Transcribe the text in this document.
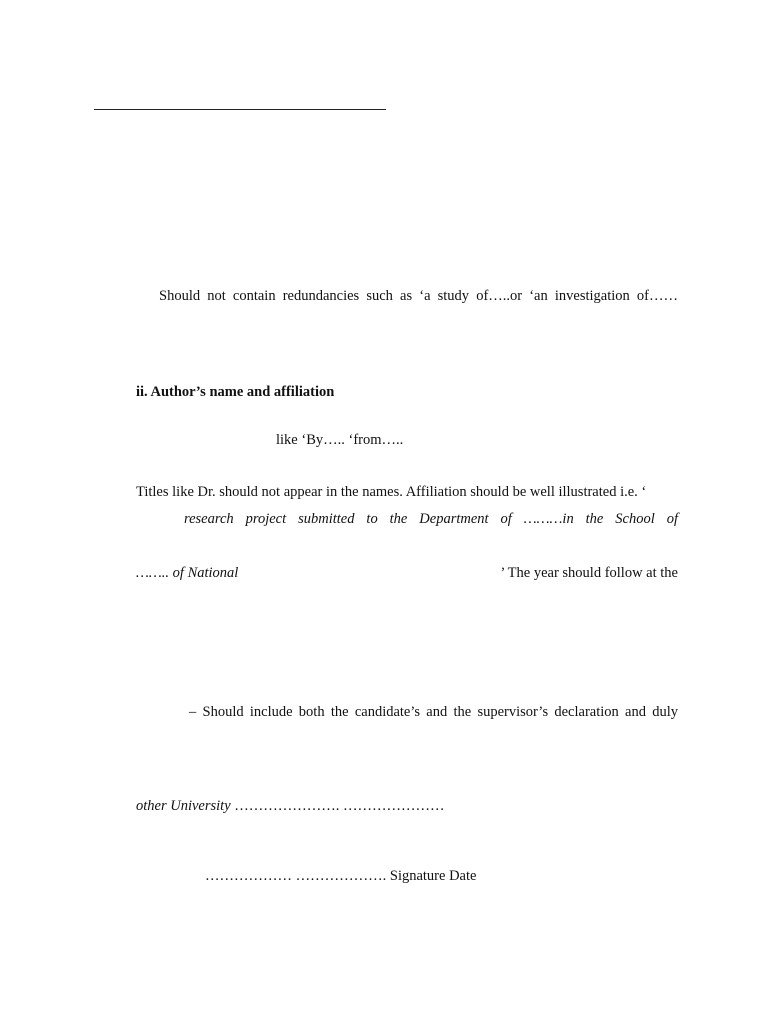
Should not contain redundancies such as ‘a study of…..or ‘an investigation of……
ii. Author’s name and affiliation
like ‘By….. ‘from…..
Titles like Dr. should not appear in the names. Affiliation should be well illustrated i.e. ‘
research project submitted to the Department of ………in the School of
…….. of National	’ The year should follow at the
– Should include both the candidate’s and the supervisor’s declaration and duly
other University …………………. …………………
……………… ………………. Signature Date
